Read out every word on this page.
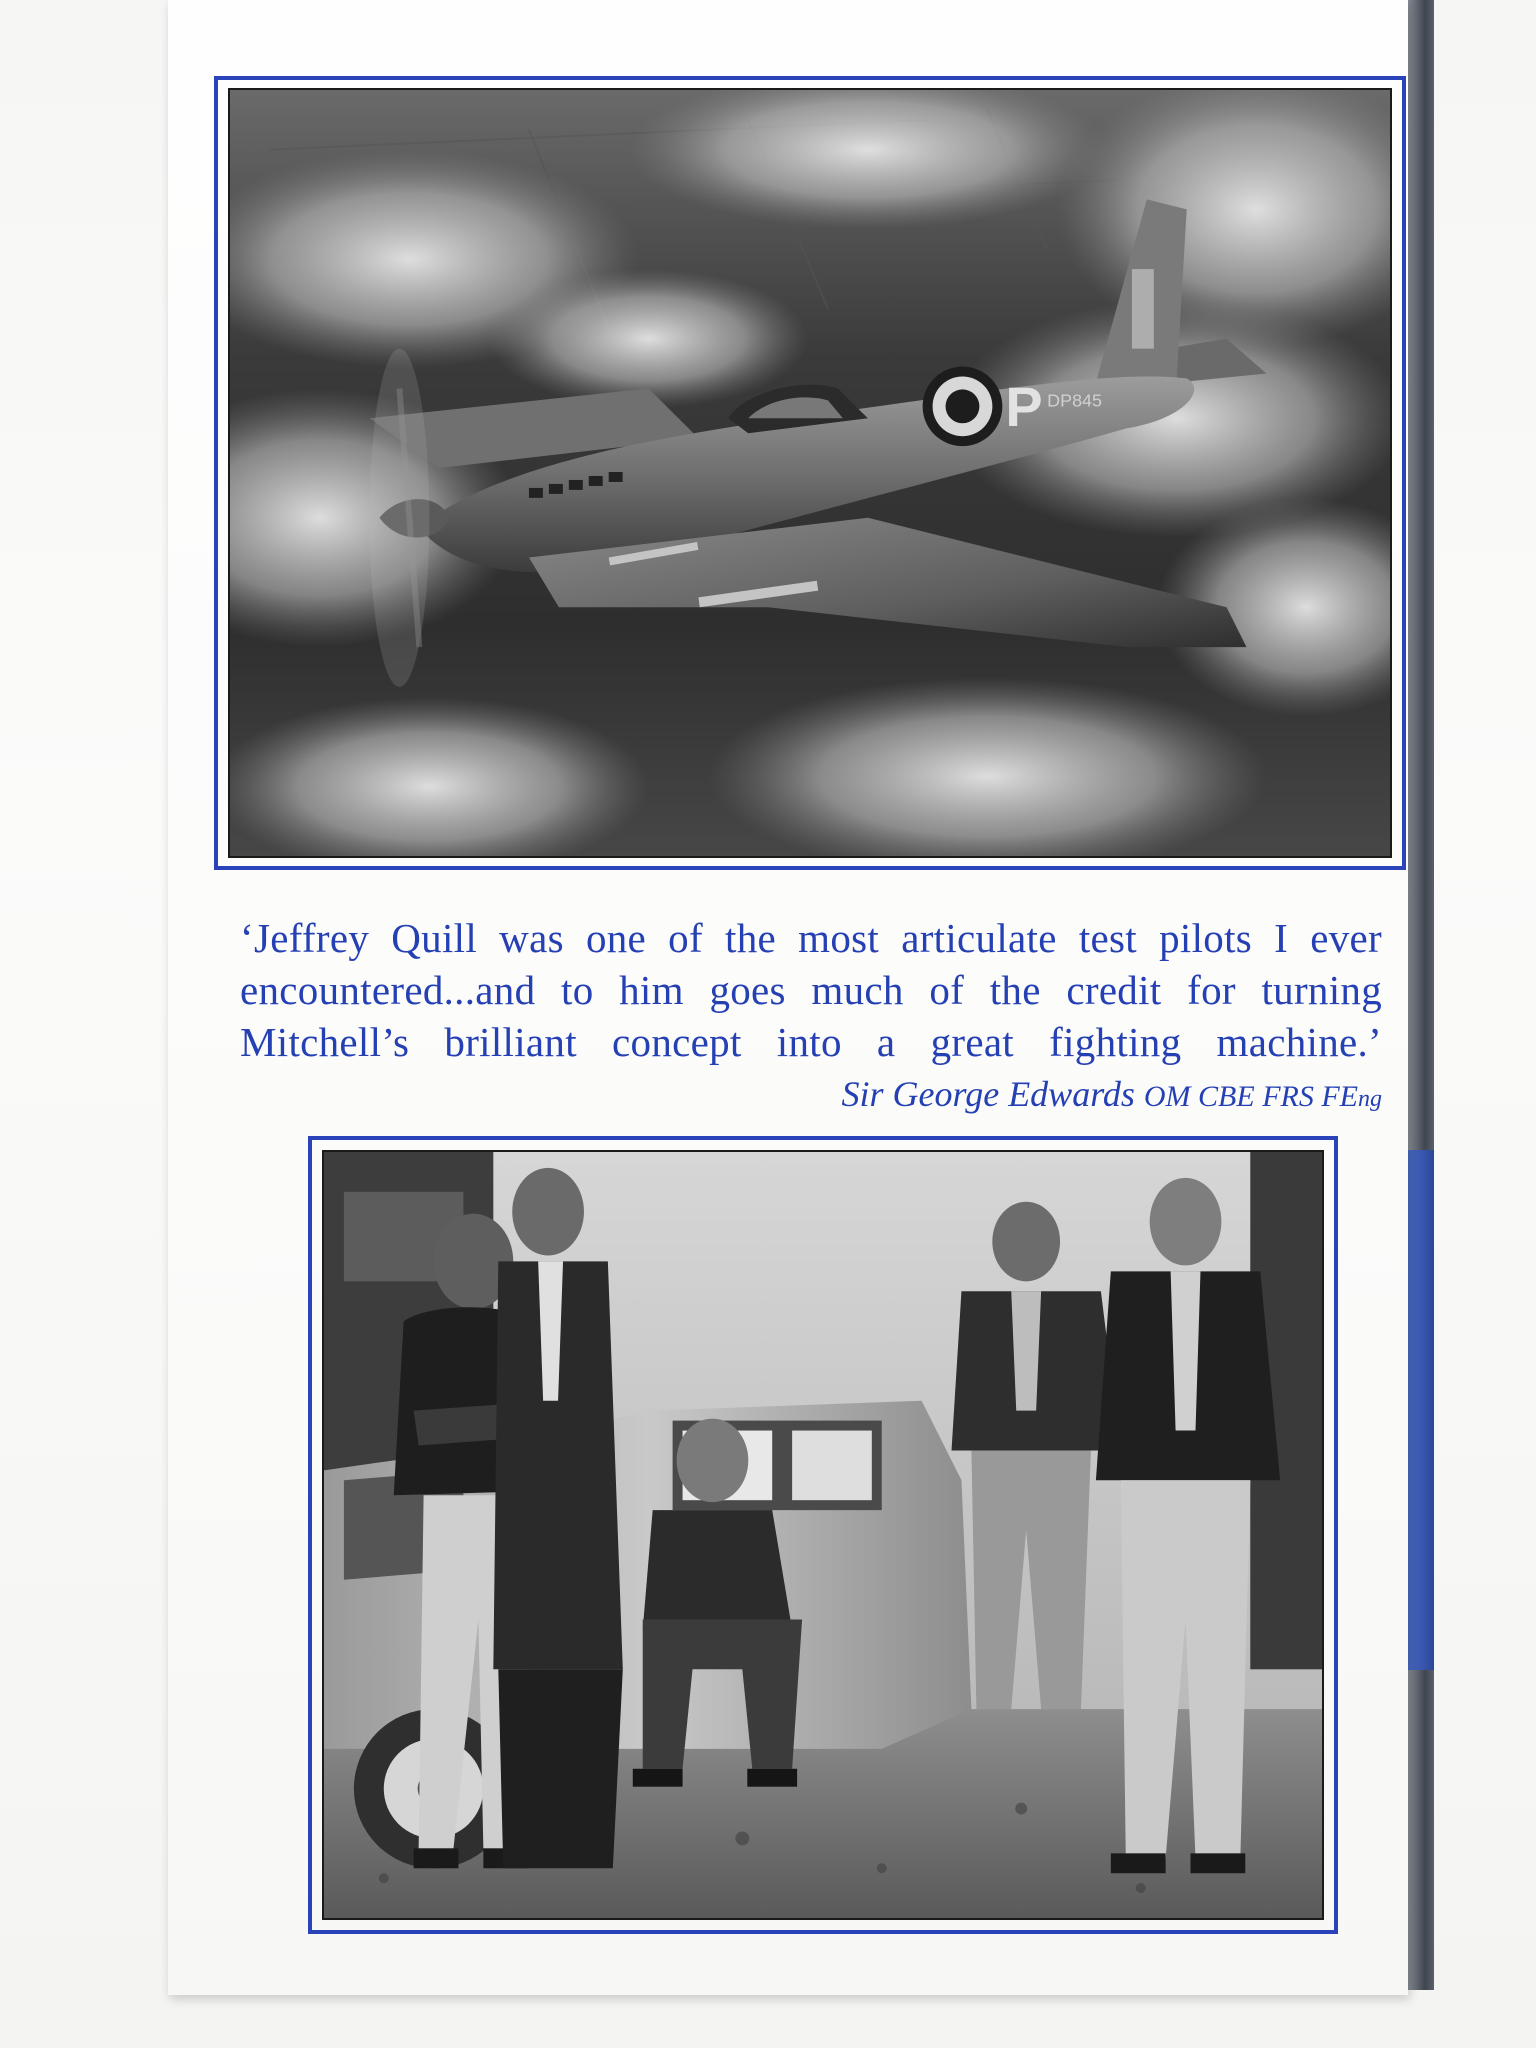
P DP845
‘Jeffrey Quill was one of the most articulate test pilots I ever
encountered...and to him goes much of the credit for turning
Mitchell’s brilliant concept into a great fighting machine.’
Sir George Edwards OM CBE FRS FEng
